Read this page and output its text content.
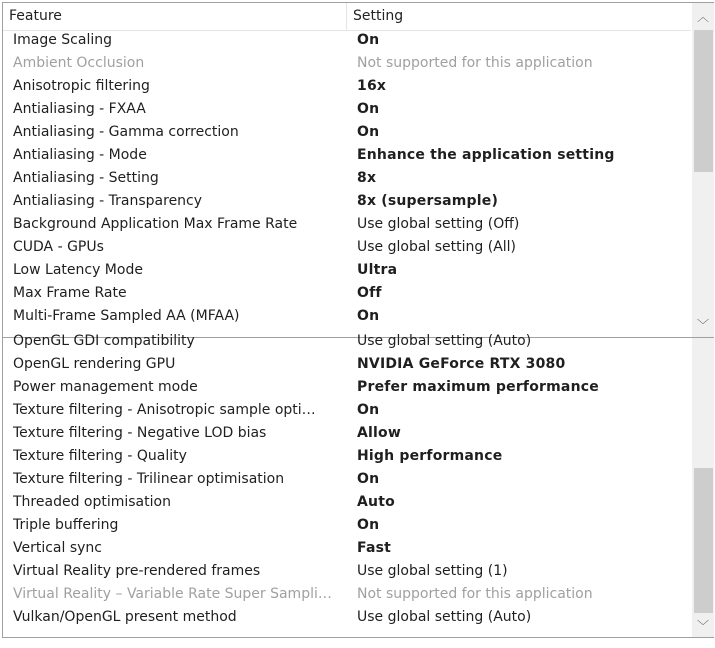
Feature	Setting
Image Scaling	On
Ambient Occlusion	Not supported for this application
Anisotropic filtering	16x
Antialiasing - FXAA	On
Antialiasing - Gamma correction	On
Antialiasing - Mode	Enhance the application setting
Antialiasing - Setting	8x
Antialiasing - Transparency	8x (supersample)
Background Application Max Frame Rate	Use global setting (Off)
CUDA - GPUs	Use global setting (All)
Low Latency Mode	Ultra
Max Frame Rate	Off
Multi-Frame Sampled AA (MFAA)	On
︿
﹀
OpenGL GDI compatibility	Use global setting (Auto)
OpenGL rendering GPU	NVIDIA GeForce RTX 3080
Power management mode	Prefer maximum performance
Texture filtering - Anisotropic sample opti…	On
Texture filtering - Negative LOD bias	Allow
Texture filtering - Quality	High performance
Texture filtering - Trilinear optimisation	On
Threaded optimisation	Auto
Triple buffering	On
Vertical sync	Fast
Virtual Reality pre-rendered frames	Use global setting (1)
Virtual Reality – Variable Rate Super Sampli…	Not supported for this application
Vulkan/OpenGL present method	Use global setting (Auto)
﹀
